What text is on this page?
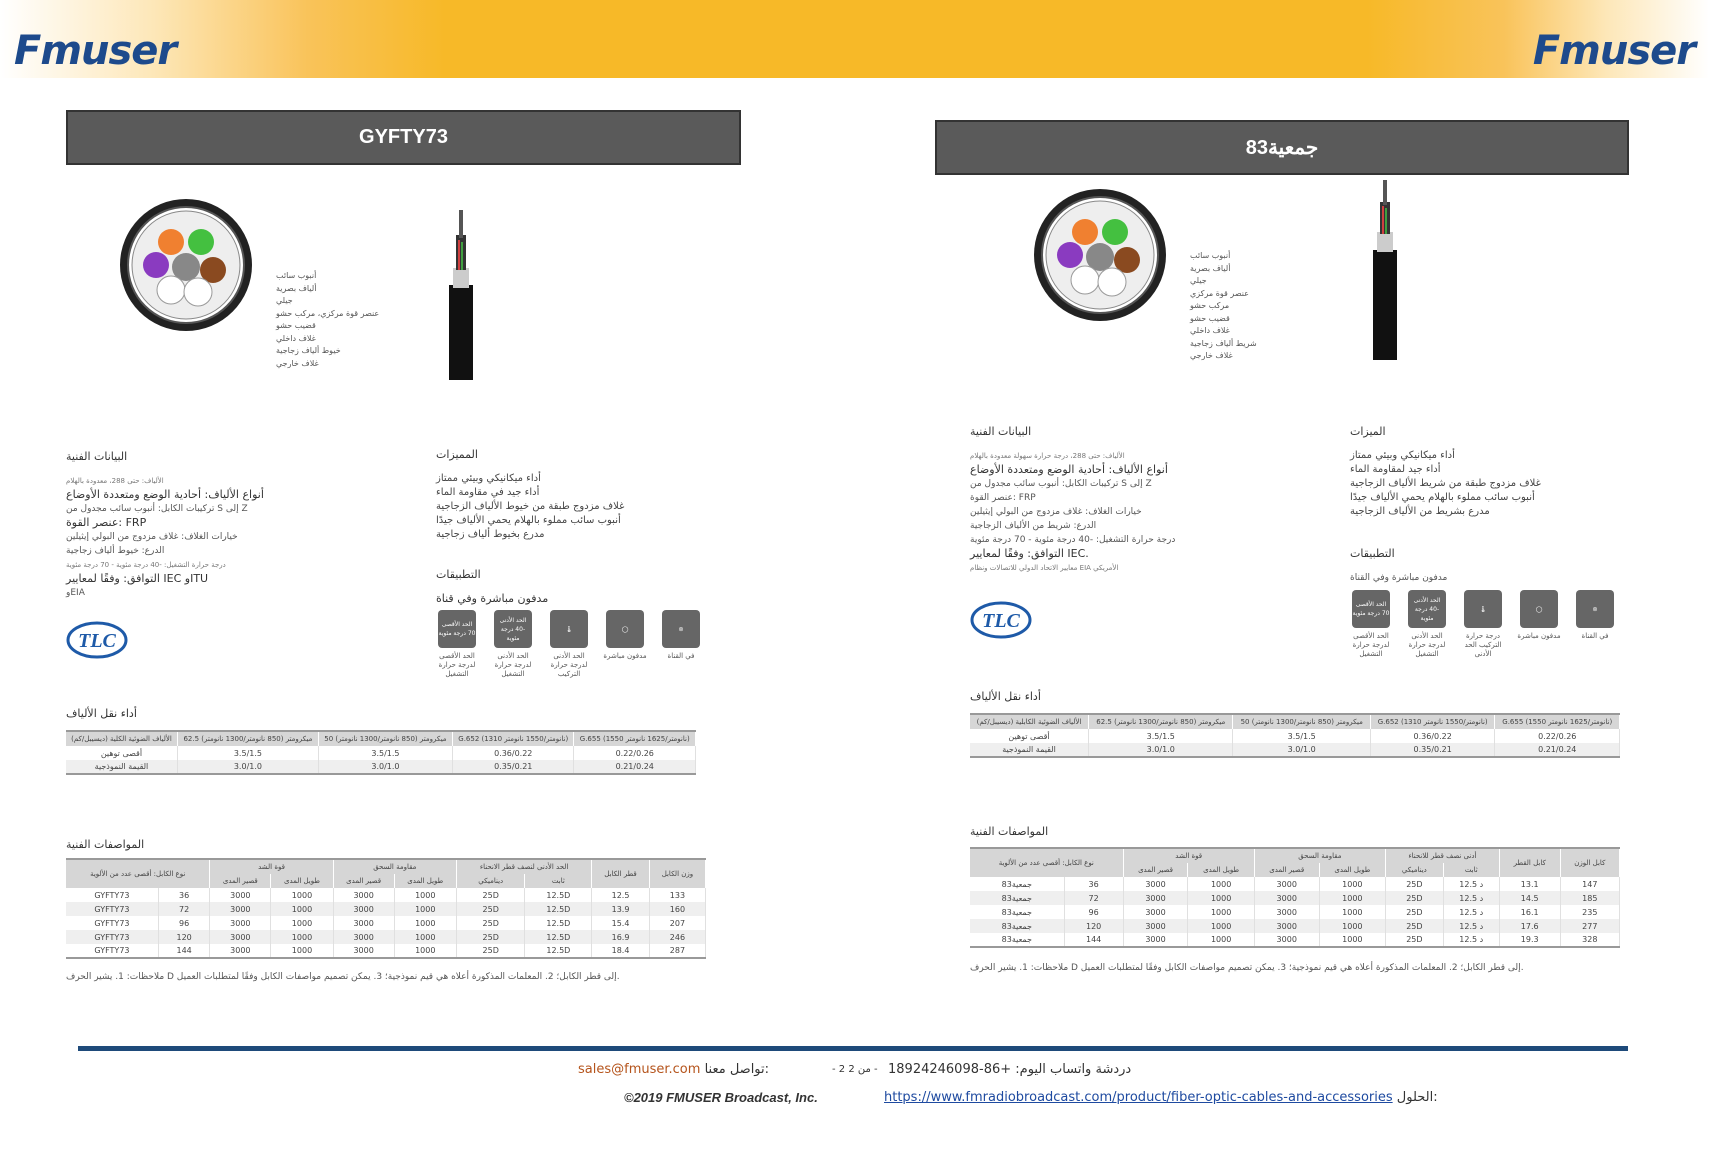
Fmuser	Fmuser
GYFTY73
أنبوب سائب
ألياف بصرية
جيلي
عنصر قوة مركزي، مركب حشو
قضيب حشو
غلاف داخلي
خيوط ألياف زجاجية
غلاف خارجي
البيانات الفنية
الألياف: حتى 288، معدودة بالهلام
أنواع الألياف: أحادية الوضع ومتعددة الأوضاع
تركيبات الكابل: أنبوب سائب مجدول من S إلى Z
عنصر القوة: FRP
خيارات الغلاف: غلاف مزدوج من البولي إيثيلين
الدرع: خيوط ألياف زجاجية
درجة حرارة التشغيل: -40 درجة مئوية - 70 درجة مئوية
التوافق: وفقًا لمعايير IEC وITU
وEIA
TLC
المميزات
أداء ميكانيكي وبيئي ممتاز
أداء جيد في مقاومة الماء
غلاف مزدوج طبقة من خيوط الألياف الزجاجية
أنبوب سائب مملوء بالهلام يحمي الألياف جيدًا
مدرع بخيوط ألياف زجاجية
التطبيقات
مدفون مباشرة وفي قناة
الحد الأقصى 70 درجة مئوية
الحد الأقصى لدرجة حرارة التشغيل
الحد الأدنى -40 درجة مئوية
الحد الأدنى لدرجة حرارة التشغيل
🌡
الحد الأدنى لدرجة حرارة التركيب
◯
مدفون مباشرة
⊚
في القناة
أداء نقل الألياف
الألياف الضوئية الكلية (ديسيبل/كم)	62.5 ميكرومتر (850 نانومتر/1300 نانومتر)	50 ميكرومتر (850 نانومتر/1300 نانومتر)	G.652 (1310 نانومتر/1550 نانومتر)	G.655 (1550 نانومتر/1625 نانومتر)
أقصى توهين	3.5/1.5	3.5/1.5	0.36/0.22	0.22/0.26
القيمة النموذجية	3.0/1.0	3.0/1.0	0.35/0.21	0.21/0.24
المواصفات الفنية
نوع الكابل: أقصى عدد من الألوية		قوة الشد		مقاومة السحق		الحد الأدنى لنصف قطر الانحناء		قطر الكابل	وزن الكابل
		قصير المدى	طويل المدى	قصير المدى	طويل المدى	ديناميكي	ثابت		
GYFTY73	36	3000	1000	3000	1000	25D	12.5D	12.5	133
GYFTY73	72	3000	1000	3000	1000	25D	12.5D	13.9	160
GYFTY73	96	3000	1000	3000	1000	25D	12.5D	15.4	207
GYFTY73	120	3000	1000	3000	1000	25D	12.5D	16.9	246
GYFTY73	144	3000	1000	3000	1000	25D	12.5D	18.4	287
ملاحظات: 1. يشير الحرف D إلى قطر الكابل؛ 2. المعلمات المذكورة أعلاه هي قيم نموذجية؛ 3. يمكن تصميم مواصفات الكابل وفقًا لمتطلبات العميل.
جمعية83
أنبوب سائب
ألياف بصرية
جيلي
عنصر قوة مركزي
مركب حشو
قضيب حشو
غلاف داخلي
شريط ألياف زجاجية
غلاف خارجي
البيانات الفنية
الألياف: حتى 288، درجة حرارة سهولة معدودة بالهلام
أنواع الألياف: أحادية الوضع ومتعددة الأوضاع
تركيبات الكابل: أنبوب سائب مجدول من S إلى Z
عنصر القوة: FRP
خيارات الغلاف: غلاف مزدوج من البولي إيثيلين
الدرع: شريط من الألياف الزجاجية
درجة حرارة التشغيل: -40 درجة مئوية - 70 درجة مئوية
التوافق: وفقًا لمعايير IEC.
معايير الاتحاد الدولي للاتصالات ونظام EIA الأمريكي
TLC
الميزات
أداء ميكانيكي وبيئي ممتاز
أداء جيد لمقاومة الماء
غلاف مزدوج طبقة من شريط الألياف الزجاجية
أنبوب سائب مملوء بالهلام يحمي الألياف جيدًا
مدرع بشريط من الألياف الزجاجية
التطبيقات
مدفون مباشرة وفي القناة
الحد الأقصى 70 درجة مئوية
الحد الأقصى لدرجة حرارة التشغيل
الحد الأدنى -40 درجة مئوية
الحد الأدنى لدرجة حرارة التشغيل
🌡
درجة حرارة التركيب الحد الأدنى
◯
مدفون مباشرة
⊚
في القناة
أداء نقل الألياف
الألياف الضوئية الكابلية (ديسيبل/كم)	62.5 ميكرومتر (850 نانومتر/1300 نانومتر)	50 ميكرومتر (850 نانومتر/1300 نانومتر)	G.652 (1310 نانومتر/1550 نانومتر)	G.655 (1550 نانومتر/1625 نانومتر)
أقصى توهين	3.5/1.5	3.5/1.5	0.36/0.22	0.22/0.26
القيمة النموذجية	3.0/1.0	3.0/1.0	0.35/0.21	0.21/0.24
المواصفات الفنية
نوع الكابل: أقصى عدد من الألوية		قوة الشد		مقاومة السحق		أدنى نصف قطر للانحناء		كابل القطر	كابل الوزن
		قصير المدى	طويل المدى	قصير المدى	طويل المدى	ديناميكي	ثابت		
جمعية83	36	3000	1000	3000	1000	25D	12.5 د	13.1	147
جمعية83	72	3000	1000	3000	1000	25D	12.5 د	14.5	185
جمعية83	96	3000	1000	3000	1000	25D	12.5 د	16.1	235
جمعية83	120	3000	1000	3000	1000	25D	12.5 د	17.6	277
جمعية83	144	3000	1000	3000	1000	25D	12.5 د	19.3	328
ملاحظات: 1. يشير الحرف D إلى قطر الكابل؛ 2. المعلمات المذكورة أعلاه هي قيم نموذجية؛ 3. يمكن تصميم مواصفات الكابل وفقًا لمتطلبات العميل.
sales@fmuser.com تواصل معنا:	- 2 من 2 - دردشة واتساب اليوم: +86-18924246098
©2019 FMUSER Broadcast, Inc.	https://www.fmradiobroadcast.com/product/fiber-optic-cables-and-accessories الحلول:
